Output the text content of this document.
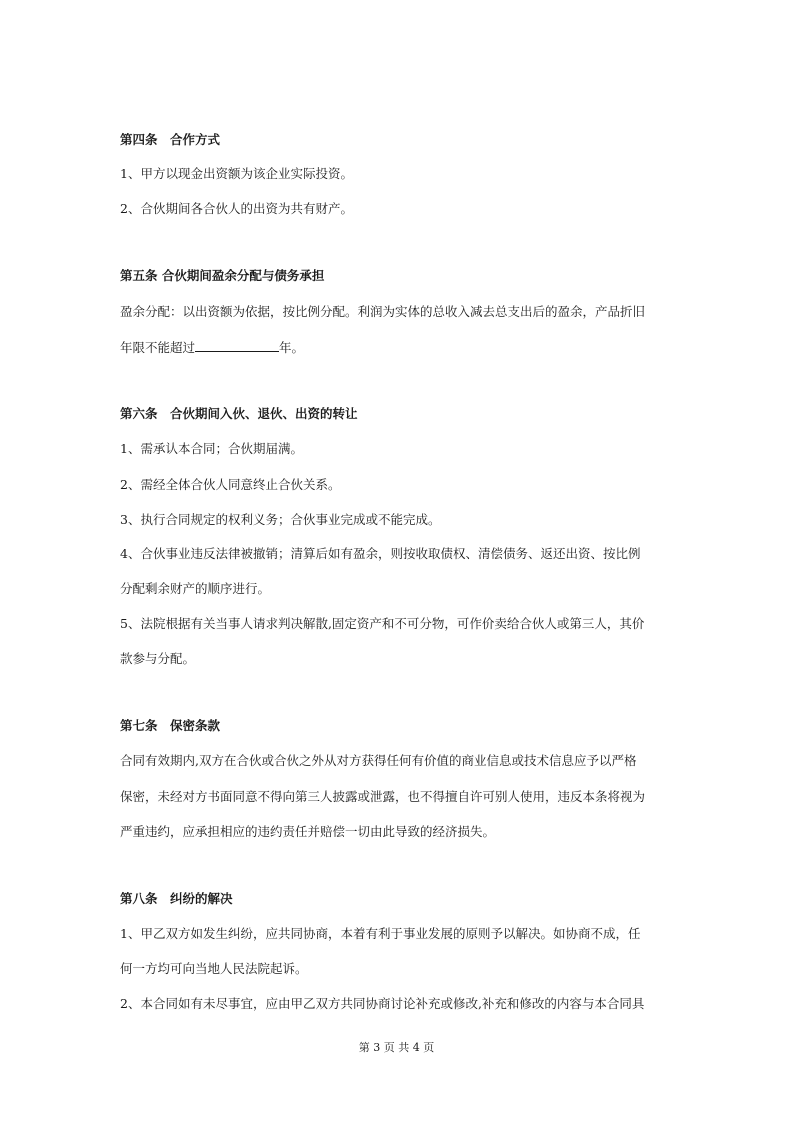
第四条　合作方式
1、甲方以现金出资额为该企业实际投资。
2、合伙期间各合伙人的出资为共有财产。
第五条 合伙期间盈余分配与债务承担
盈余分配：以出资额为依据，按比例分配。利润为实体的总收入减去总支出后的盈余，产品折旧
年限不能超过	年。
第六条　合伙期间入伙、退伙、出资的转让
1、需承认本合同；合伙期届满。
2、需经全体合伙人同意终止合伙关系。
3、执行合同规定的权利义务；合伙事业完成或不能完成。
4、合伙事业违反法律被撤销；清算后如有盈余，则按收取债权、清偿债务、返还出资、按比例
分配剩余财产的顺序进行。
5、法院根据有关当事人请求判决解散,固定资产和不可分物，可作价卖给合伙人或第三人，其价
款参与分配。
第七条　保密条款
合同有效期内,双方在合伙或合伙之外从对方获得任何有价值的商业信息或技术信息应予以严格
保密，未经对方书面同意不得向第三人披露或泄露，也不得擅自许可别人使用，违反本条将视为
严重违约，应承担相应的违约责任并赔偿一切由此导致的经济损失。
第八条　纠纷的解决
1、甲乙双方如发生纠纷，应共同协商，本着有利于事业发展的原则予以解决。如协商不成，任
何一方均可向当地人民法院起诉。
2、本合同如有未尽事宜，应由甲乙双方共同协商讨论补充或修改,补充和修改的内容与本合同具
第 3 页 共 4 页
